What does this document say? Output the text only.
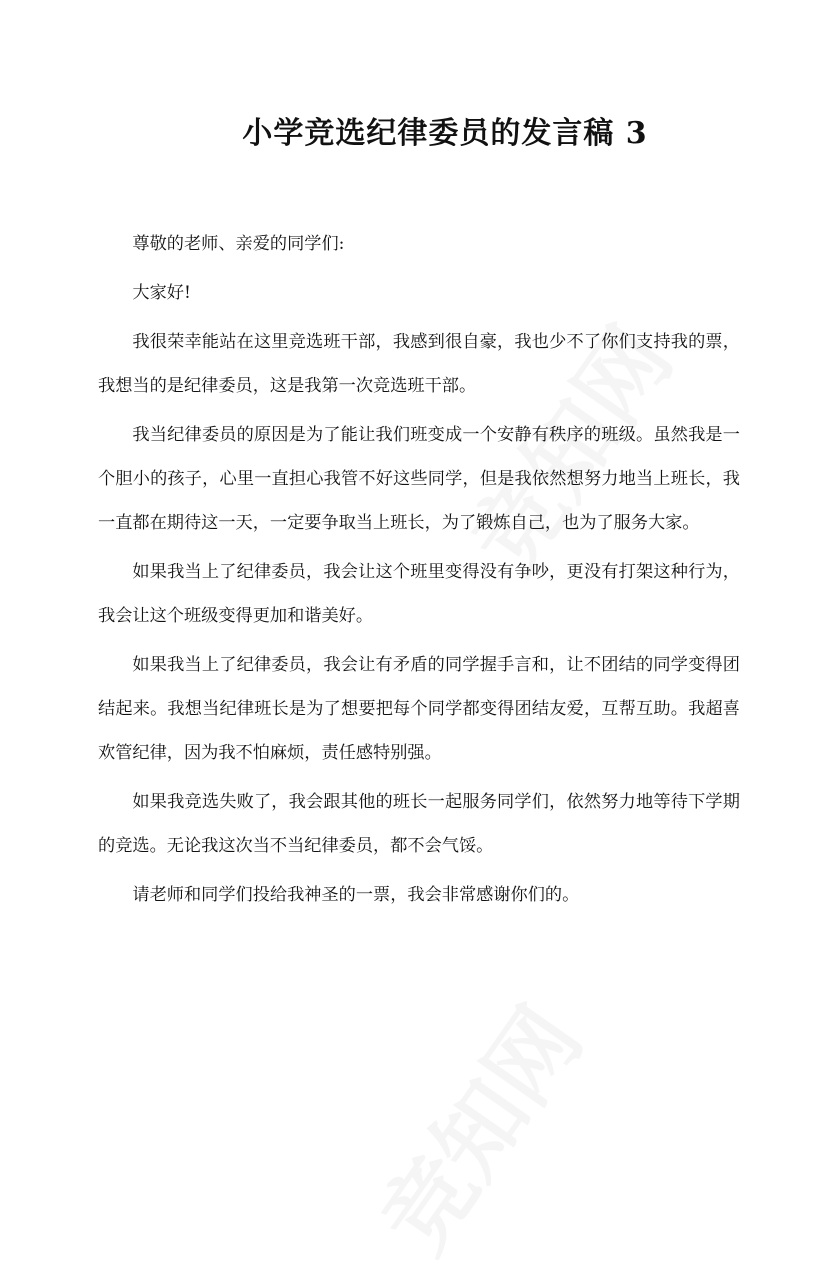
小学竞选纪律委员的发言稿 3

尊敬的老师、亲爱的同学们:

大家好!

我很荣幸能站在这里竞选班干部，我感到很自豪，我也少不了你们支持我的票，我想当的是纪律委员，这是我第一次竞选班干部。

我当纪律委员的原因是为了能让我们班变成一个安静有秩序的班级。虽然我是一个胆小的孩子，心里一直担心我管不好这些同学，但是我依然想努力地当上班长，我一直都在期待这一天，一定要争取当上班长，为了锻炼自己，也为了服务大家。

如果我当上了纪律委员，我会让这个班里变得没有争吵，更没有打架这种行为，我会让这个班级变得更加和谐美好。

如果我当上了纪律委员，我会让有矛盾的同学握手言和，让不团结的同学变得团结起来。我想当纪律班长是为了想要把每个同学都变得团结友爱，互帮互助。我超喜欢管纪律，因为我不怕麻烦，责任感特别强。

如果我竞选失败了，我会跟其他的班长一起服务同学们，依然努力地等待下学期的竞选。无论我这次当不当纪律委员，都不会气馁。

请老师和同学们投给我神圣的一票，我会非常感谢你们的。
